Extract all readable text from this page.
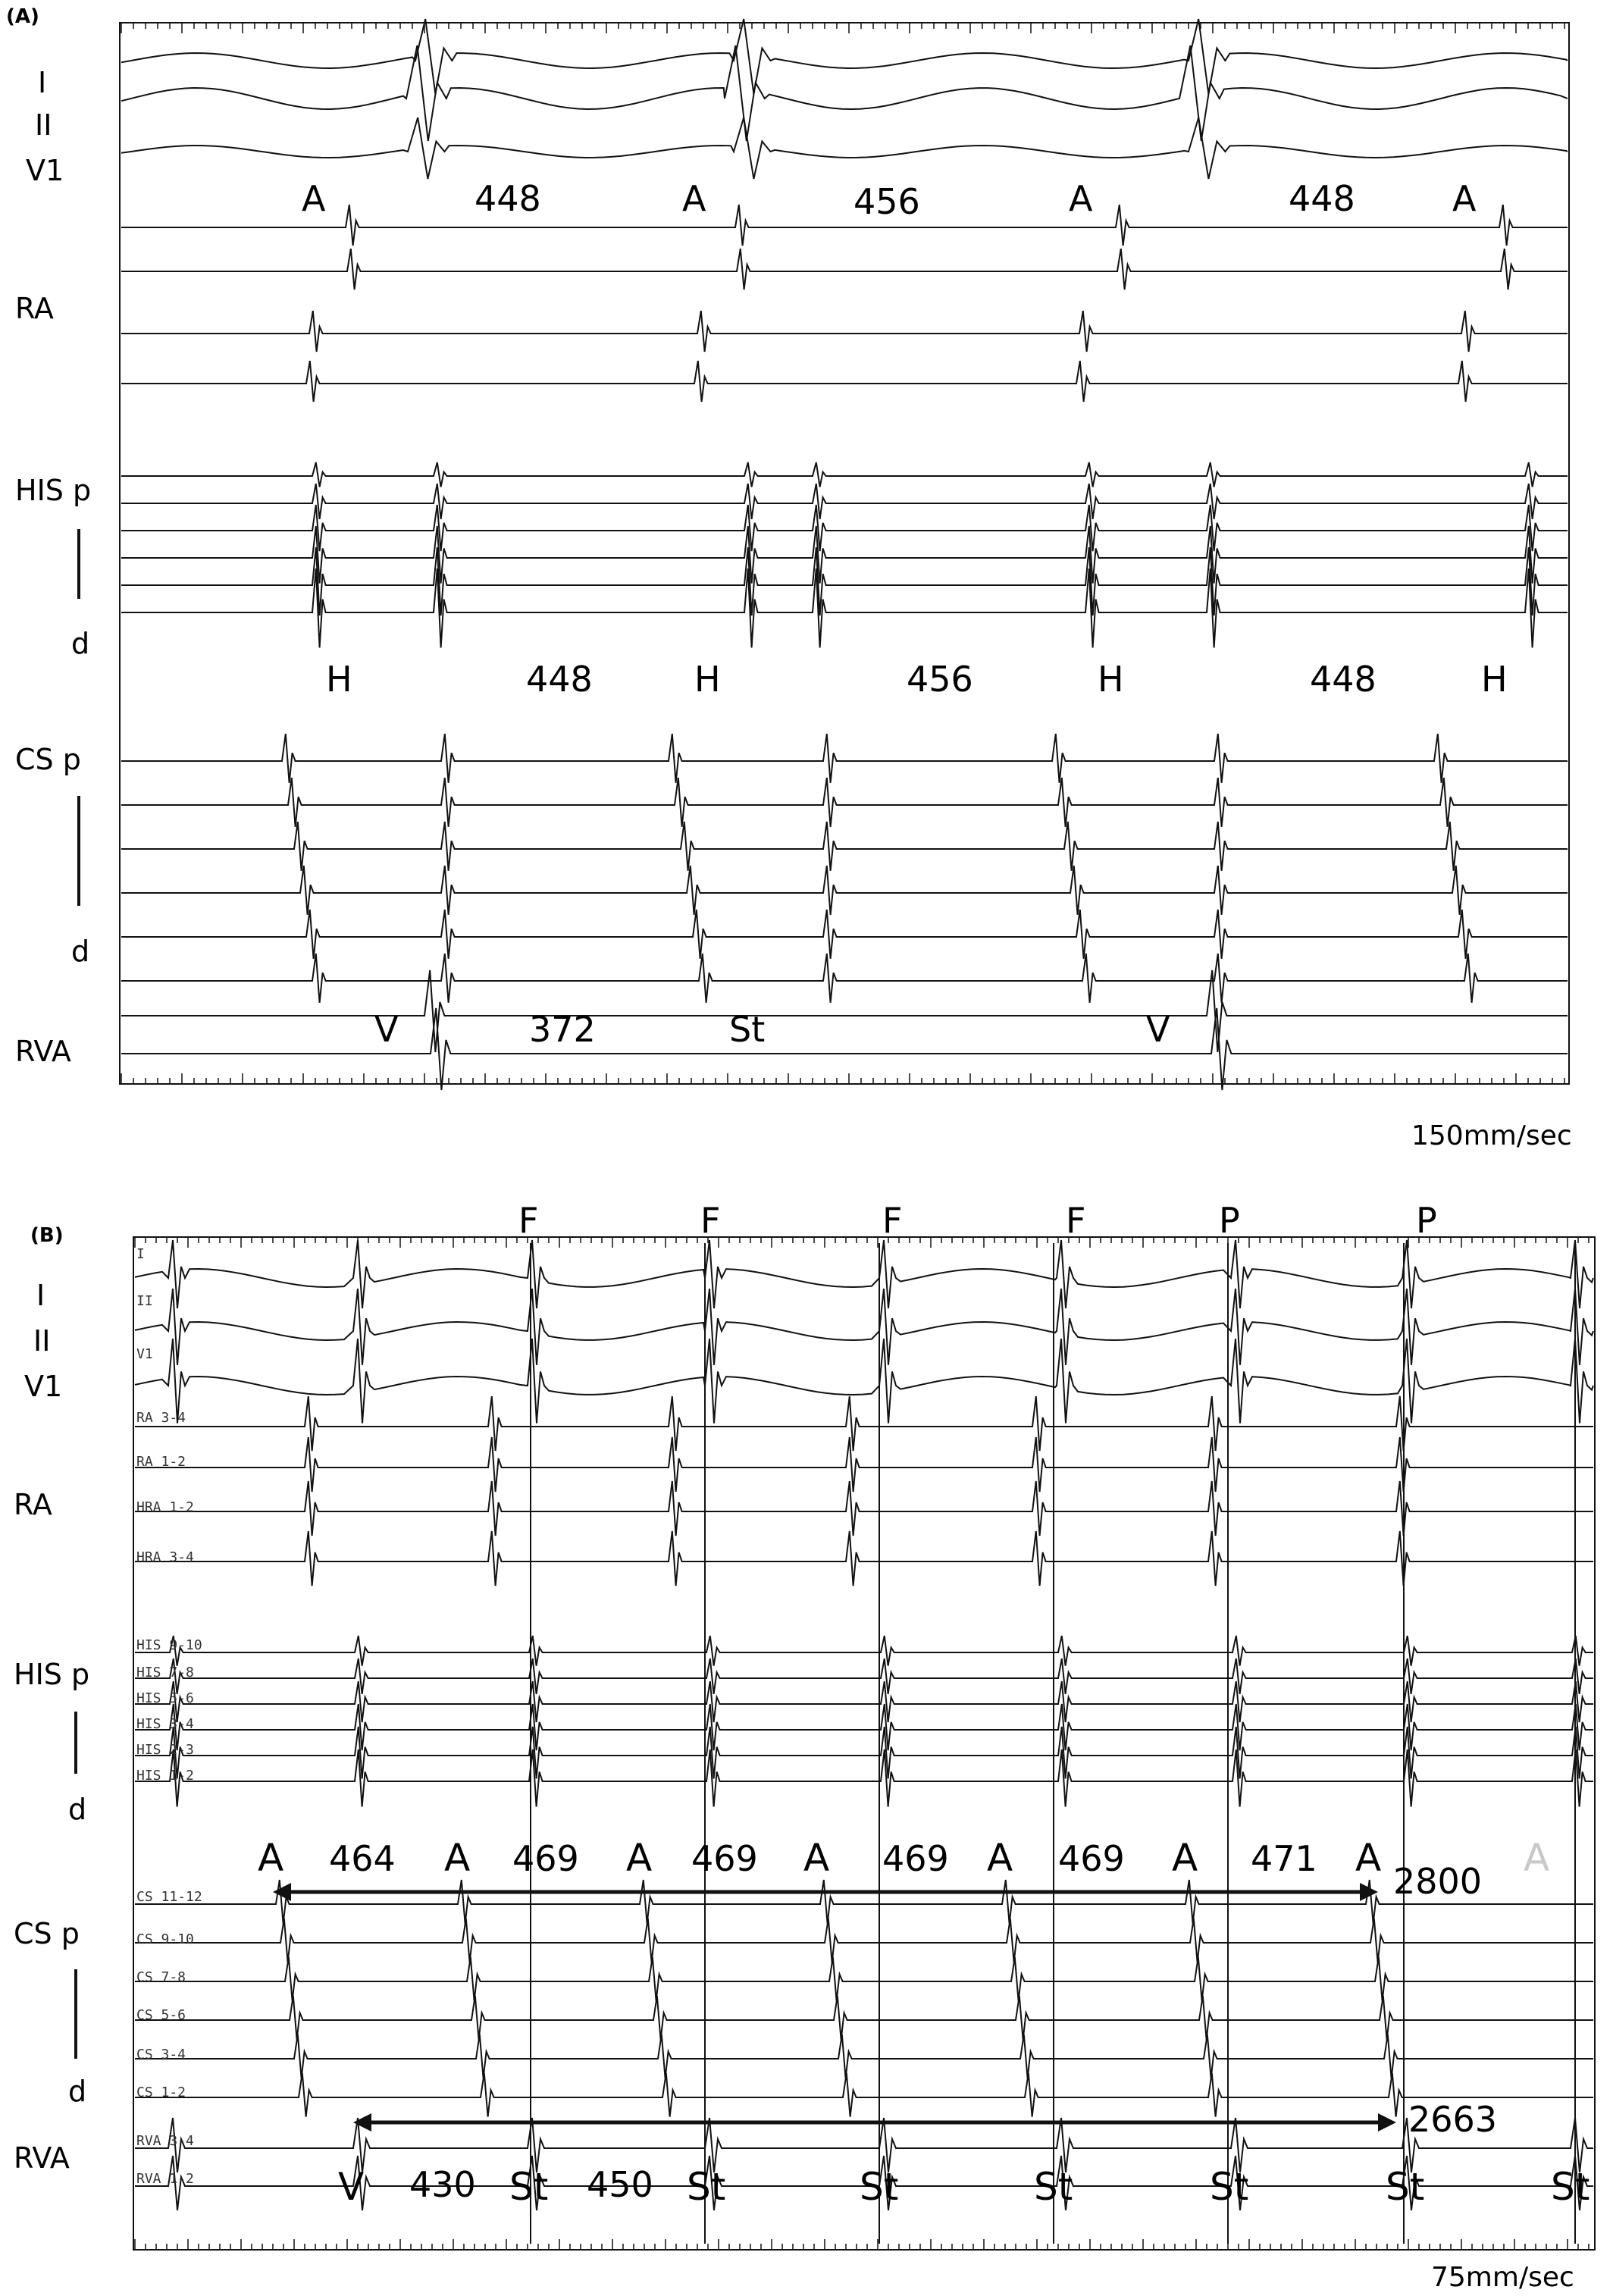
(A)
I
II
V1
RA
HIS p
d
CS p
d
RVA
A	448	A	456	A	448	A
H	448	H	456	H	448	H
V	372	St	V
150mm/sec
(B)
I
II
V1
RA 3-4
RA 1-2
HRA 1-2
HRA 3-4
HIS 9-10
HIS 7-8
HIS 5-6
HIS 3-4
HIS 2-3
HIS 1-2
CS 11-12
CS 9-10
CS 7-8
CS 5-6
CS 3-4
CS 1-2
RVA 3-4
RVA 1-2
I
II
V1
RA
HIS p
d
CS p
d
RVA
F	F	F	F	P	P
A 464 A 469 A 469 A 469 A 469 A 471 A	A
2800
2663
V 430 St 450 St	St	St	St	St	St
75mm/sec
